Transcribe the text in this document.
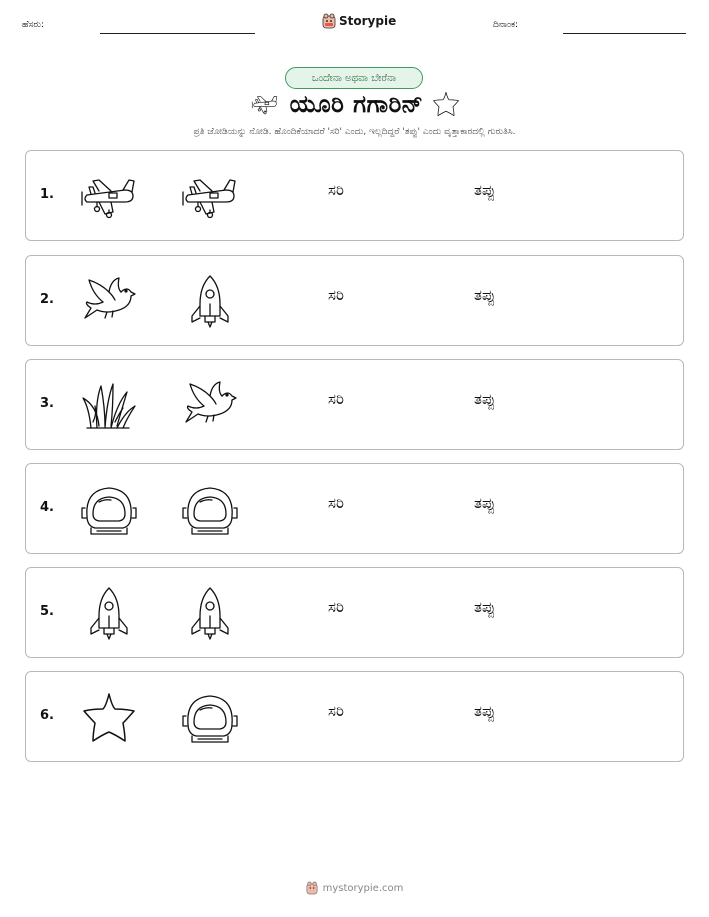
ಹೆಸರು:	Storypie	ದಿನಾಂಕ:
ಒಂದೇನಾ ಅಥವಾ ಬೇರೆನಾ
ಯೂರಿ ಗಗಾರಿನ್
ಪ್ರತಿ ಜೋಡಿಯನ್ನು ನೋಡಿ. ಹೊಂದಿಕೆಯಾದರೆ 'ಸರಿ' ಎಂದು, ಇಲ್ಲದಿದ್ದರೆ 'ತಪ್ಪು' ಎಂದು ವೃತ್ತಾಕಾರದಲ್ಲಿ ಗುರುತಿಸಿ.
1.	ಸರಿ	ತಪ್ಪು
2.	ಸರಿ	ತಪ್ಪು
3.	ಸರಿ	ತಪ್ಪು
4.	ಸರಿ	ತಪ್ಪು
5.	ಸರಿ	ತಪ್ಪು
6.	ಸರಿ	ತಪ್ಪು
mystorypie.com
